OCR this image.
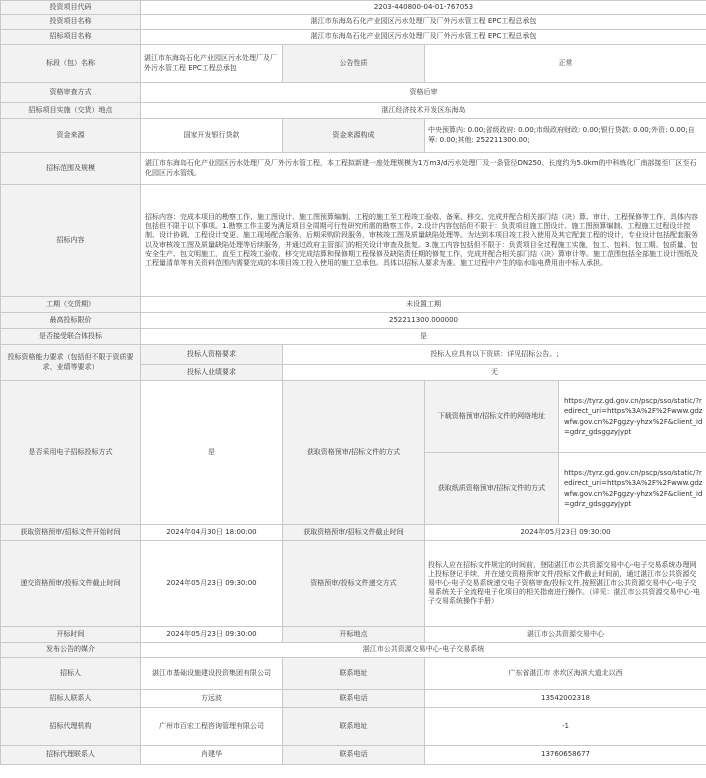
投资项目代码	2203-440800-04-01-767053			
投资项目名称	湛江市东海岛石化产业园区污水处理厂及厂外污水管工程 EPC工程总承包			
招标项目名称	湛江市东海岛石化产业园区污水处理厂及厂外污水管工程 EPC工程总承包			
标段（包）名称	湛江市东海岛石化产业园区污水处理厂及厂外污水管工程 EPC工程总承包	公告性质	正常	
资格审查方式	资格后审			
招标项目实施（交货）地点	湛江经济技术开发区东海岛			
资金来源	国家开发银行贷款	资金来源构成	中央预算内: 0.00;省级政府: 0.00;市级政府财政: 0.00;银行贷款: 0.00;外资: 0.00;自筹: 0.00;其他: 252211300.00;	
招标范围及规模	湛江市东海岛石化产业园区污水处理厂及厂外污水管工程，本工程拟新建一座处理规模为1万m3/d污水处理厂及一条管径DN250、长度约为5.0km的中科炼化厂南部接至厂区至石化园区污水管线。			
招标内容	招标内容：完成本项目的勘察工作、施工图设计、施工图预算编制、工程的施工至工程竣工验收、备案、移交、完成并配合相关部门结（决）算、审计、工程保修等工作，具体内容包括但不限于以下事项。1.勘察工作主要为满足项目全周期可行性研究所需的勘察工作。2.设计内容包括但不限于：负责项目施工图设计、施工图预算编制、工程施工过程设计控制、设计协调、工程设计变更、施工现场配合服务、后期采购阶段服务，审核竣工图及质量缺陷处理等。为达到本项目竣工投入使用及其它配套工程的设计，专业设计包括配套服务以及审核竣工图及质量缺陷处理等后续服务，并通过政府主管部门的相关设计审查及批复。3.施工内容包括但不限于：负责项目全过程施工实施，包工、包料、包工期、包质量、包安全生产、包文明施工，直至工程竣工验收、移交完成结算和保修期工程保修及缺陷责任期的修复工作，完成并配合相关部门结（决）算审计等。施工范围包括全部施工设计图纸及工程量清单等有关资料范围内需要完成的本项目竣工投入使用的施工总承包。具体以招标人要求为准。施工过程中产生的临水临电费用由中标人承担。			
工期（交货期）	未设置工期			
最高投标限价	252211300.000000			
是否接受联合体投标	是			
投标资格能力要求（包括但不限于资质要求、业绩等要求）	投标人资格要求	投标人应具有以下资质：详见招标公告。;		
	投标人业绩要求	无		
是否采用电子招标投标方式	是	获取资格预审/招标文件的方式	下载资格预审/招标文件的网络地址	https://tyrz.gd.gov.cn/pscp/sso/static/?redirect_uri=https%3A%2F%2Fwww.gdzwfw.gov.cn%2Fggzy-yhzx%2F&client_id=gdrz_gdsggzyjypt
			获取纸质资格预审/招标文件的方式	https://tyrz.gd.gov.cn/pscp/sso/static/?redirect_uri=https%3A%2F%2Fwww.gdzwfw.gov.cn%2Fggzy-yhzx%2F&client_id=gdrz_gdsggzyjypt
获取资格预审/招标文件开始时间	2024年04月30日 18:00:00	获取资格预审/招标文件截止时间	2024年05月23日 09:30:00	
递交资格预审/投标文件截止时间	2024年05月23日 09:30:00	资格预审/投标文件递交方式	投标人应在招标文件规定的时间前，登陆湛江市公共资源交易中心-电子交易系统办理网上投标登记手续，并在递交资格预审文件/投标文件截止时间前，通过湛江市公共资源交易中心-电子交易系统递交电子资格审查/投标文件,按照湛江市公共资源交易中心-电子交易系统关于全流程电子化项目的相关指南进行操作。（详见：湛江市公共资源交易中心-电子交易系统操作手册）	
开标时间	2024年05月23日 09:30:00	开标地点	湛江市公共资源交易中心	
发布公告的媒介	湛江市公共资源交易中心-电子交易系统			
招标人	湛江市基础设施建设投资集团有限公司	联系地址	广东省湛江市 赤坎区海滨大道北以西	
招标人联系人	方远波	联系电话	13542002318	
招标代理机构	广州市百宏工程咨询管理有限公司	联系地址	-1	
招标代理联系人	肖建华	联系电话	13760658677	
